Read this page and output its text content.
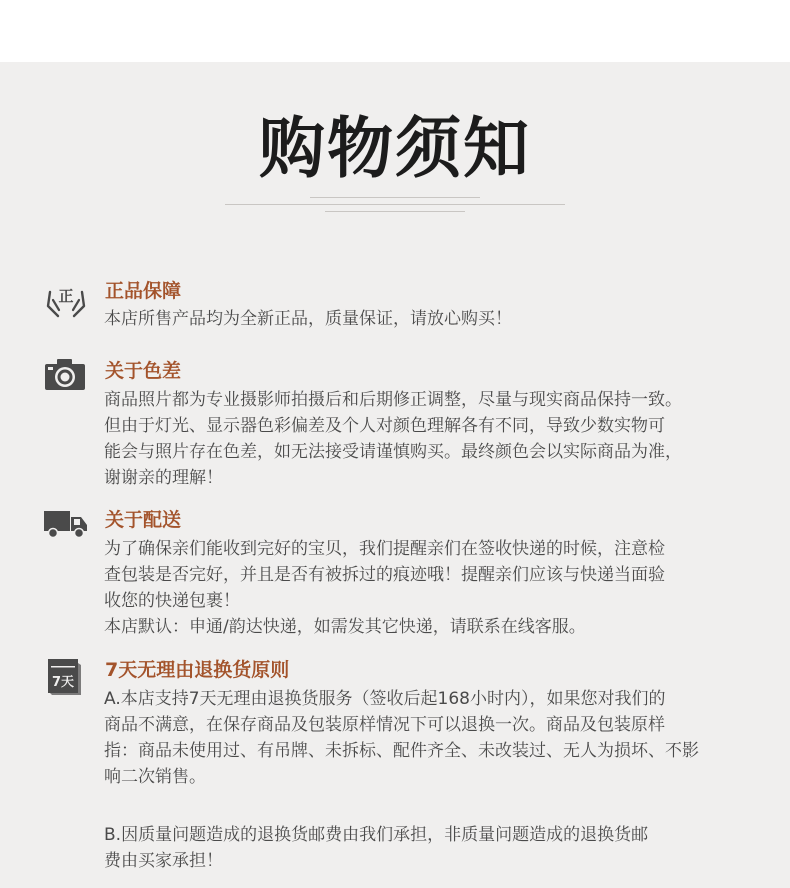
购物须知
正 正品保障

本店所售产品均为全新正品，质量保证，请放心购买！

关于色差

商品照片都为专业摄影师拍摄后和后期修正调整，尽量与现实商品保持一致。

但由于灯光、显示器色彩偏差及个人对颜色理解各有不同，导致少数实物可

能会与照片存在色差，如无法接受请谨慎购买。最终颜色会以实际商品为准，

谢谢亲的理解！

关于配送

为了确保亲们能收到完好的宝贝，我们提醒亲们在签收快递的时候，注意检

查包装是否完好，并且是否有被拆过的痕迹哦！提醒亲们应该与快递当面验

收您的快递包裹！

本店默认：申通/韵达快递，如需发其它快递，请联系在线客服。

7天
7天无理由退换货原则

A.本店支持7天无理由退换货服务（签收后起168小时内），如果您对我们的

商品不满意，在保存商品及包装原样情况下可以退换一次。商品及包装原样

指：商品未使用过、有吊牌、未拆标、配件齐全、未改装过、无人为损坏、不影

响二次销售。

B.因质量问题造成的退换货邮费由我们承担，非质量问题造成的退换货邮

费由买家承担！
